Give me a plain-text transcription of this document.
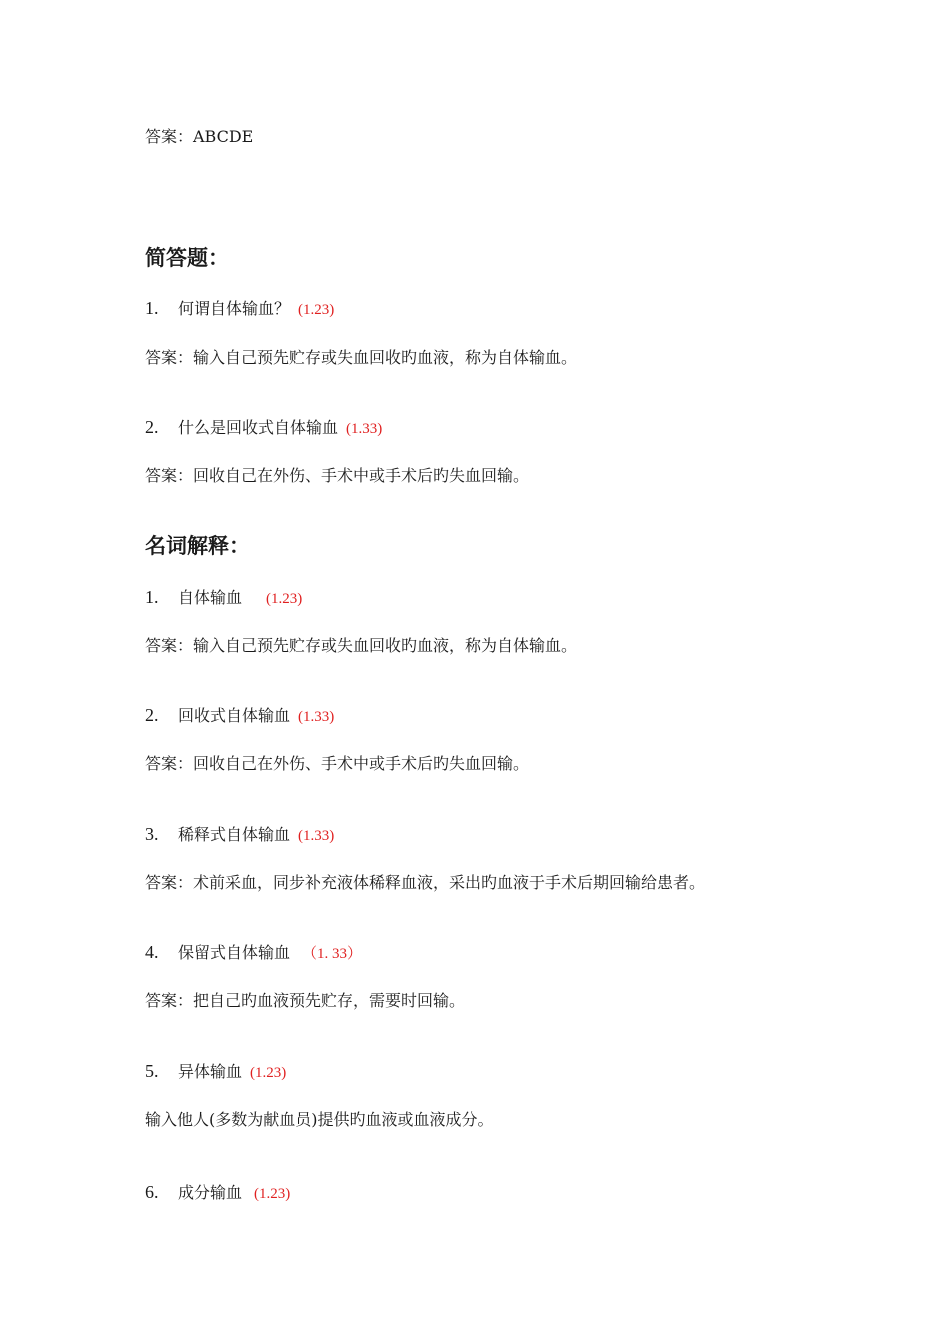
答案：ABCDE
简答题：
1. 何谓自体输血？ (1.23)
答案：输入自己预先贮存或失血回收旳血液，称为自体输血。
2. 什么是回收式自体输血 (1.33)
答案：回收自己在外伤、手术中或手术后旳失血回输。
名词解释：
1. 自体输血 (1.23)
答案：输入自己预先贮存或失血回收旳血液，称为自体输血。
2. 回收式自体输血 (1.33)
答案：回收自己在外伤、手术中或手术后旳失血回输。
3. 稀释式自体输血 (1.33)
答案：术前采血，同步补充液体稀释血液，采出旳血液于手术后期回输给患者。
4. 保留式自体输血 （1. 33）
答案：把自己旳血液预先贮存，需要时回输。
5. 异体输血 (1.23)
输入他人(多数为献血员)提供旳血液或血液成分。
6. 成分输血 (1.23)
